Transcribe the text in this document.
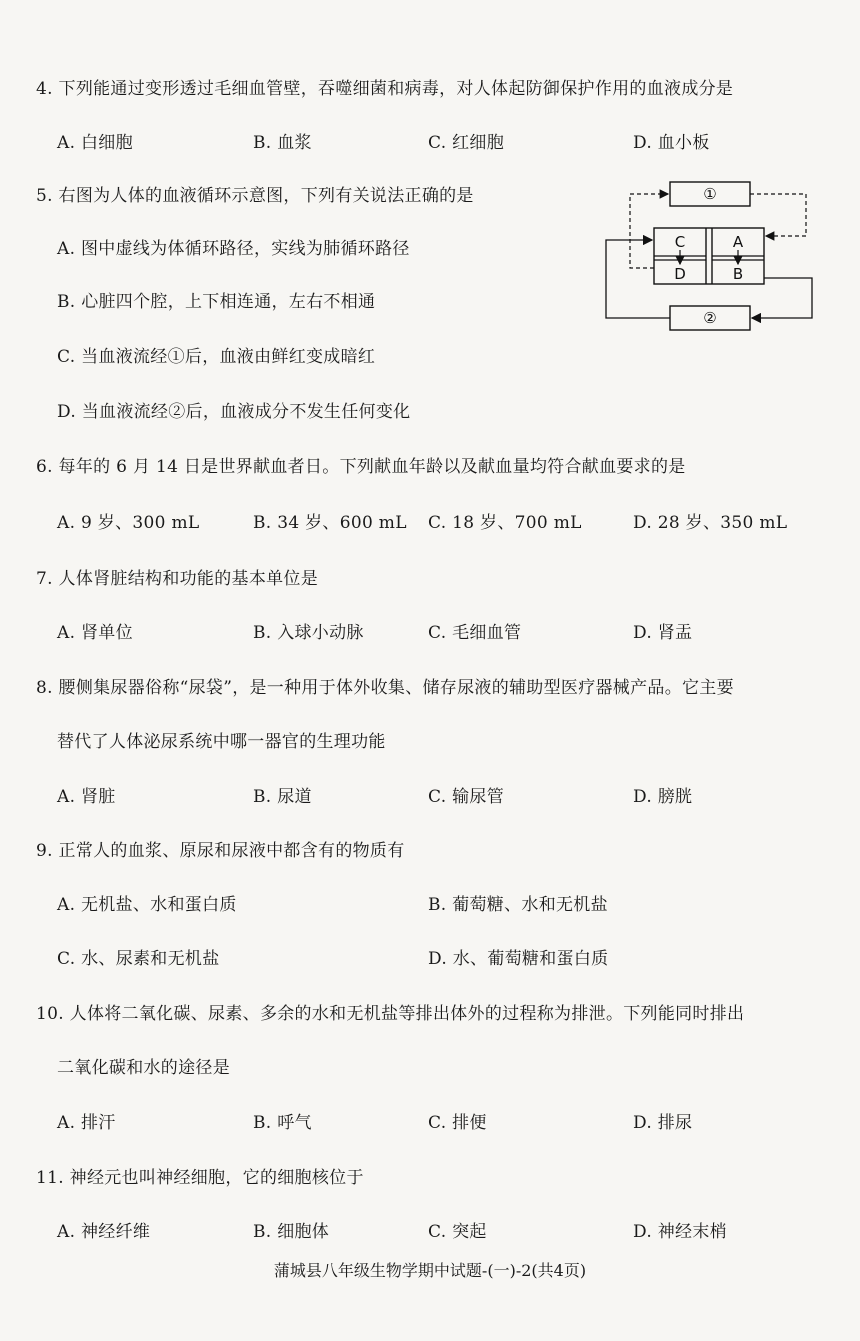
4. 下列能通过变形透过毛细血管壁，吞噬细菌和病毒，对人体起防御保护作用的血液成分是
A. 白细胞	B. 血浆	C. 红细胞	D. 血小板
5. 右图为人体的血液循环示意图，下列有关说法正确的是
A. 图中虚线为体循环路径，实线为肺循环路径
B. 心脏四个腔，上下相连通，左右不相通
C. 当血液流经①后，血液由鲜红变成暗红
D. 当血液流经②后，血液成分不发生任何变化
①
②
C	A
D	B
6. 每年的 6 月 14 日是世界献血者日。下列献血年龄以及献血量均符合献血要求的是
A. 9 岁、300 mL	B. 34 岁、600 mL C. 18 岁、700 mL	D. 28 岁、350 mL
7. 人体肾脏结构和功能的基本单位是
A. 肾单位	B. 入球小动脉	C. 毛细血管	D. 肾盂
8. 腰侧集尿器俗称“尿袋”，是一种用于体外收集、储存尿液的辅助型医疗器械产品。它主要
替代了人体泌尿系统中哪一器官的生理功能
A. 肾脏	B. 尿道	C. 输尿管	D. 膀胱
9. 正常人的血浆、原尿和尿液中都含有的物质有
A. 无机盐、水和蛋白质	B. 葡萄糖、水和无机盐
C. 水、尿素和无机盐	D. 水、葡萄糖和蛋白质
10. 人体将二氧化碳、尿素、多余的水和无机盐等排出体外的过程称为排泄。下列能同时排出
二氧化碳和水的途径是
A. 排汗	B. 呼气	C. 排便	D. 排尿
11. 神经元也叫神经细胞，它的细胞核位于
A. 神经纤维	B. 细胞体	C. 突起	D. 神经末梢
蒲城县八年级生物学期中试题-(一)-2(共4页)
